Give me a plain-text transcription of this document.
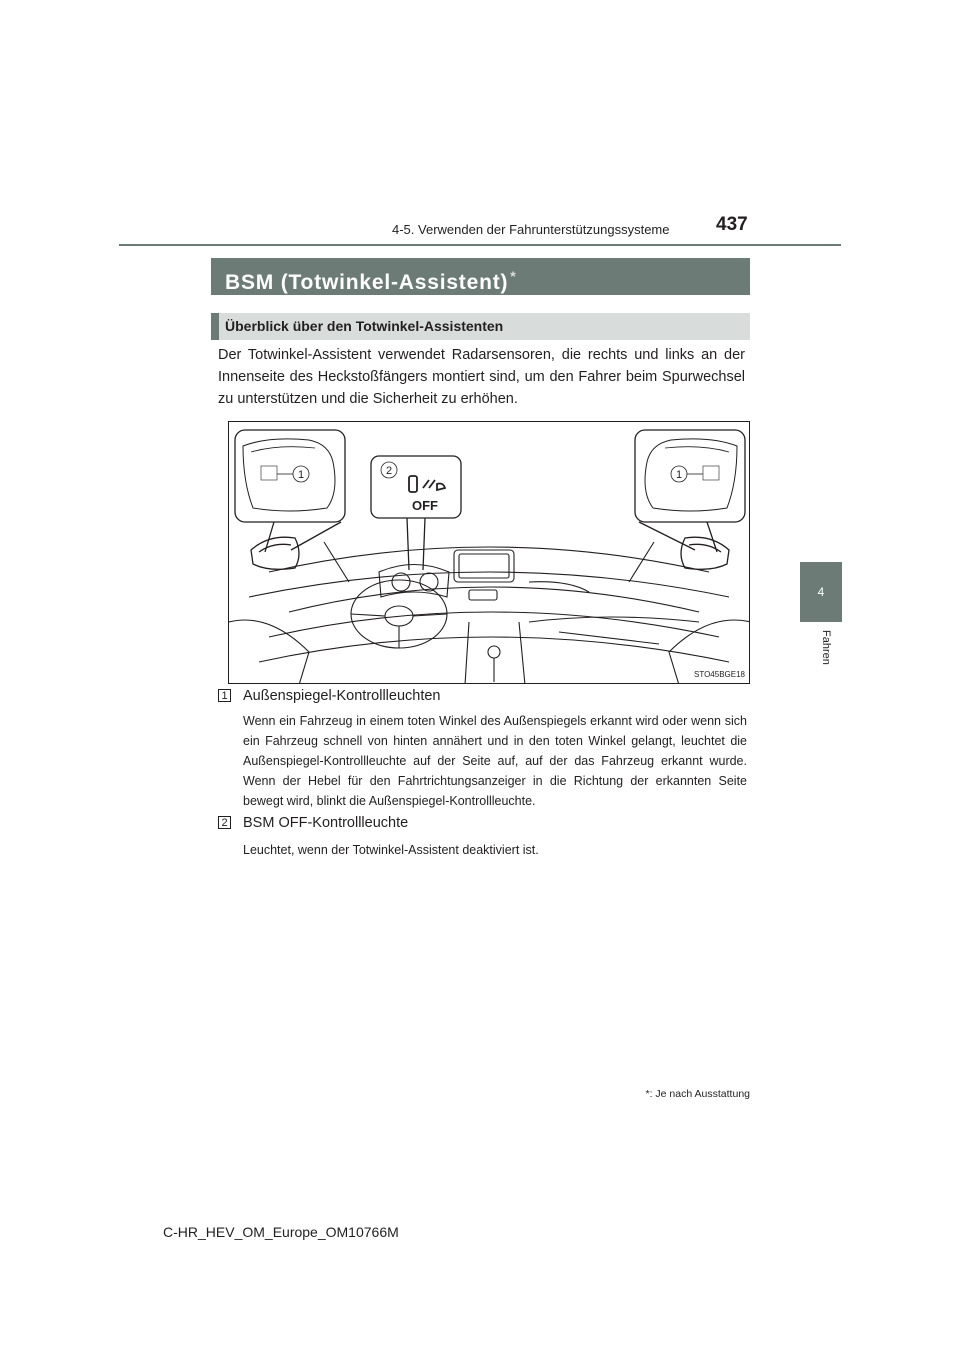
4-5. Verwenden der Fahrunterstützungssysteme 437
4
Fahren
BSM (Totwinkel-Assistent) *
Überblick über den Totwinkel-Assistenten
Der Totwinkel-Assistent verwendet Radarsensoren, die rechts und links an der Innenseite des Heckstoßfängers montiert sind, um den Fahrer beim Spurwechsel zu unterstützen und die Sicherheit zu erhöhen.
1	2
OFF
1
STO45BGE18
1 Außenspiegel-Kontrollleuchten
Wenn ein Fahrzeug in einem toten Winkel des Außenspiegels erkannt wird oder wenn sich ein Fahrzeug schnell von hinten annähert und in den toten Winkel gelangt, leuchtet die Außenspiegel-Kontrollleuchte auf der Seite auf, auf der das Fahrzeug erkannt wurde. Wenn der Hebel für den Fahrtrichtungsanzeiger in die Richtung der erkannten Seite bewegt wird, blinkt die Außenspiegel-Kontrollleuchte.
2 BSM OFF-Kontrollleuchte
Leuchtet, wenn der Totwinkel-Assistent deaktiviert ist.
*: Je nach Ausstattung
C-HR_HEV_OM_Europe_OM10766M
